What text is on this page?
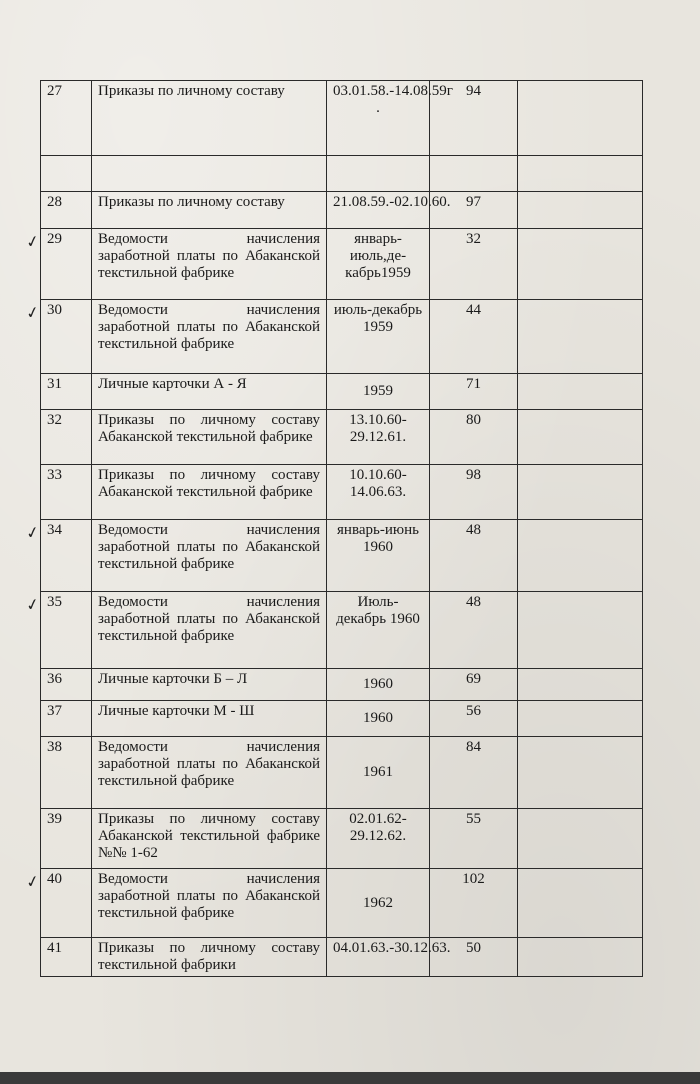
27	Приказы по личному составу	03.01.58.-14.08.59г .	94	

28	Приказы по личному составу	21.08.59.-02.10.60.	97	
29	Ведомости начисления заработной платы по Абаканской текстильной фабрике	январь-июль,де-кабрь1959	32	
30	Ведомости начисления заработной платы по Абаканской текстильной фабрике	июль-декабрь 1959	44	
31	Личные карточки А - Я	1959	71	
32	Приказы по личному составу Абаканской текстильной фабрике	13.10.60-29.12.61.	80	
33	Приказы по личному составу Абаканской текстильной фабрике	10.10.60-14.06.63.	98	
34	Ведомости начисления заработной платы по Абаканской текстильной фабрике	январь-июнь 1960	48	
35	Ведомости начисления заработной платы по Абаканской текстильной фабрике	Июль-декабрь 1960	48	
36	Личные карточки Б – Л	1960	69	
37	Личные карточки М - Ш	1960	56	
38	Ведомости начисления заработной платы по Абаканской текстильной фабрике	1961	84	
39	Приказы по личному составу Абаканской текстильной фабрике №№ 1-62	02.01.62-29.12.62.	55	
40	Ведомости начисления заработной платы по Абаканской текстильной фабрике	1962	102	
41	Приказы по личному составу текстильной фабрики	04.01.63.-30.12.63.	50	
✓
✓
✓
✓
✓
